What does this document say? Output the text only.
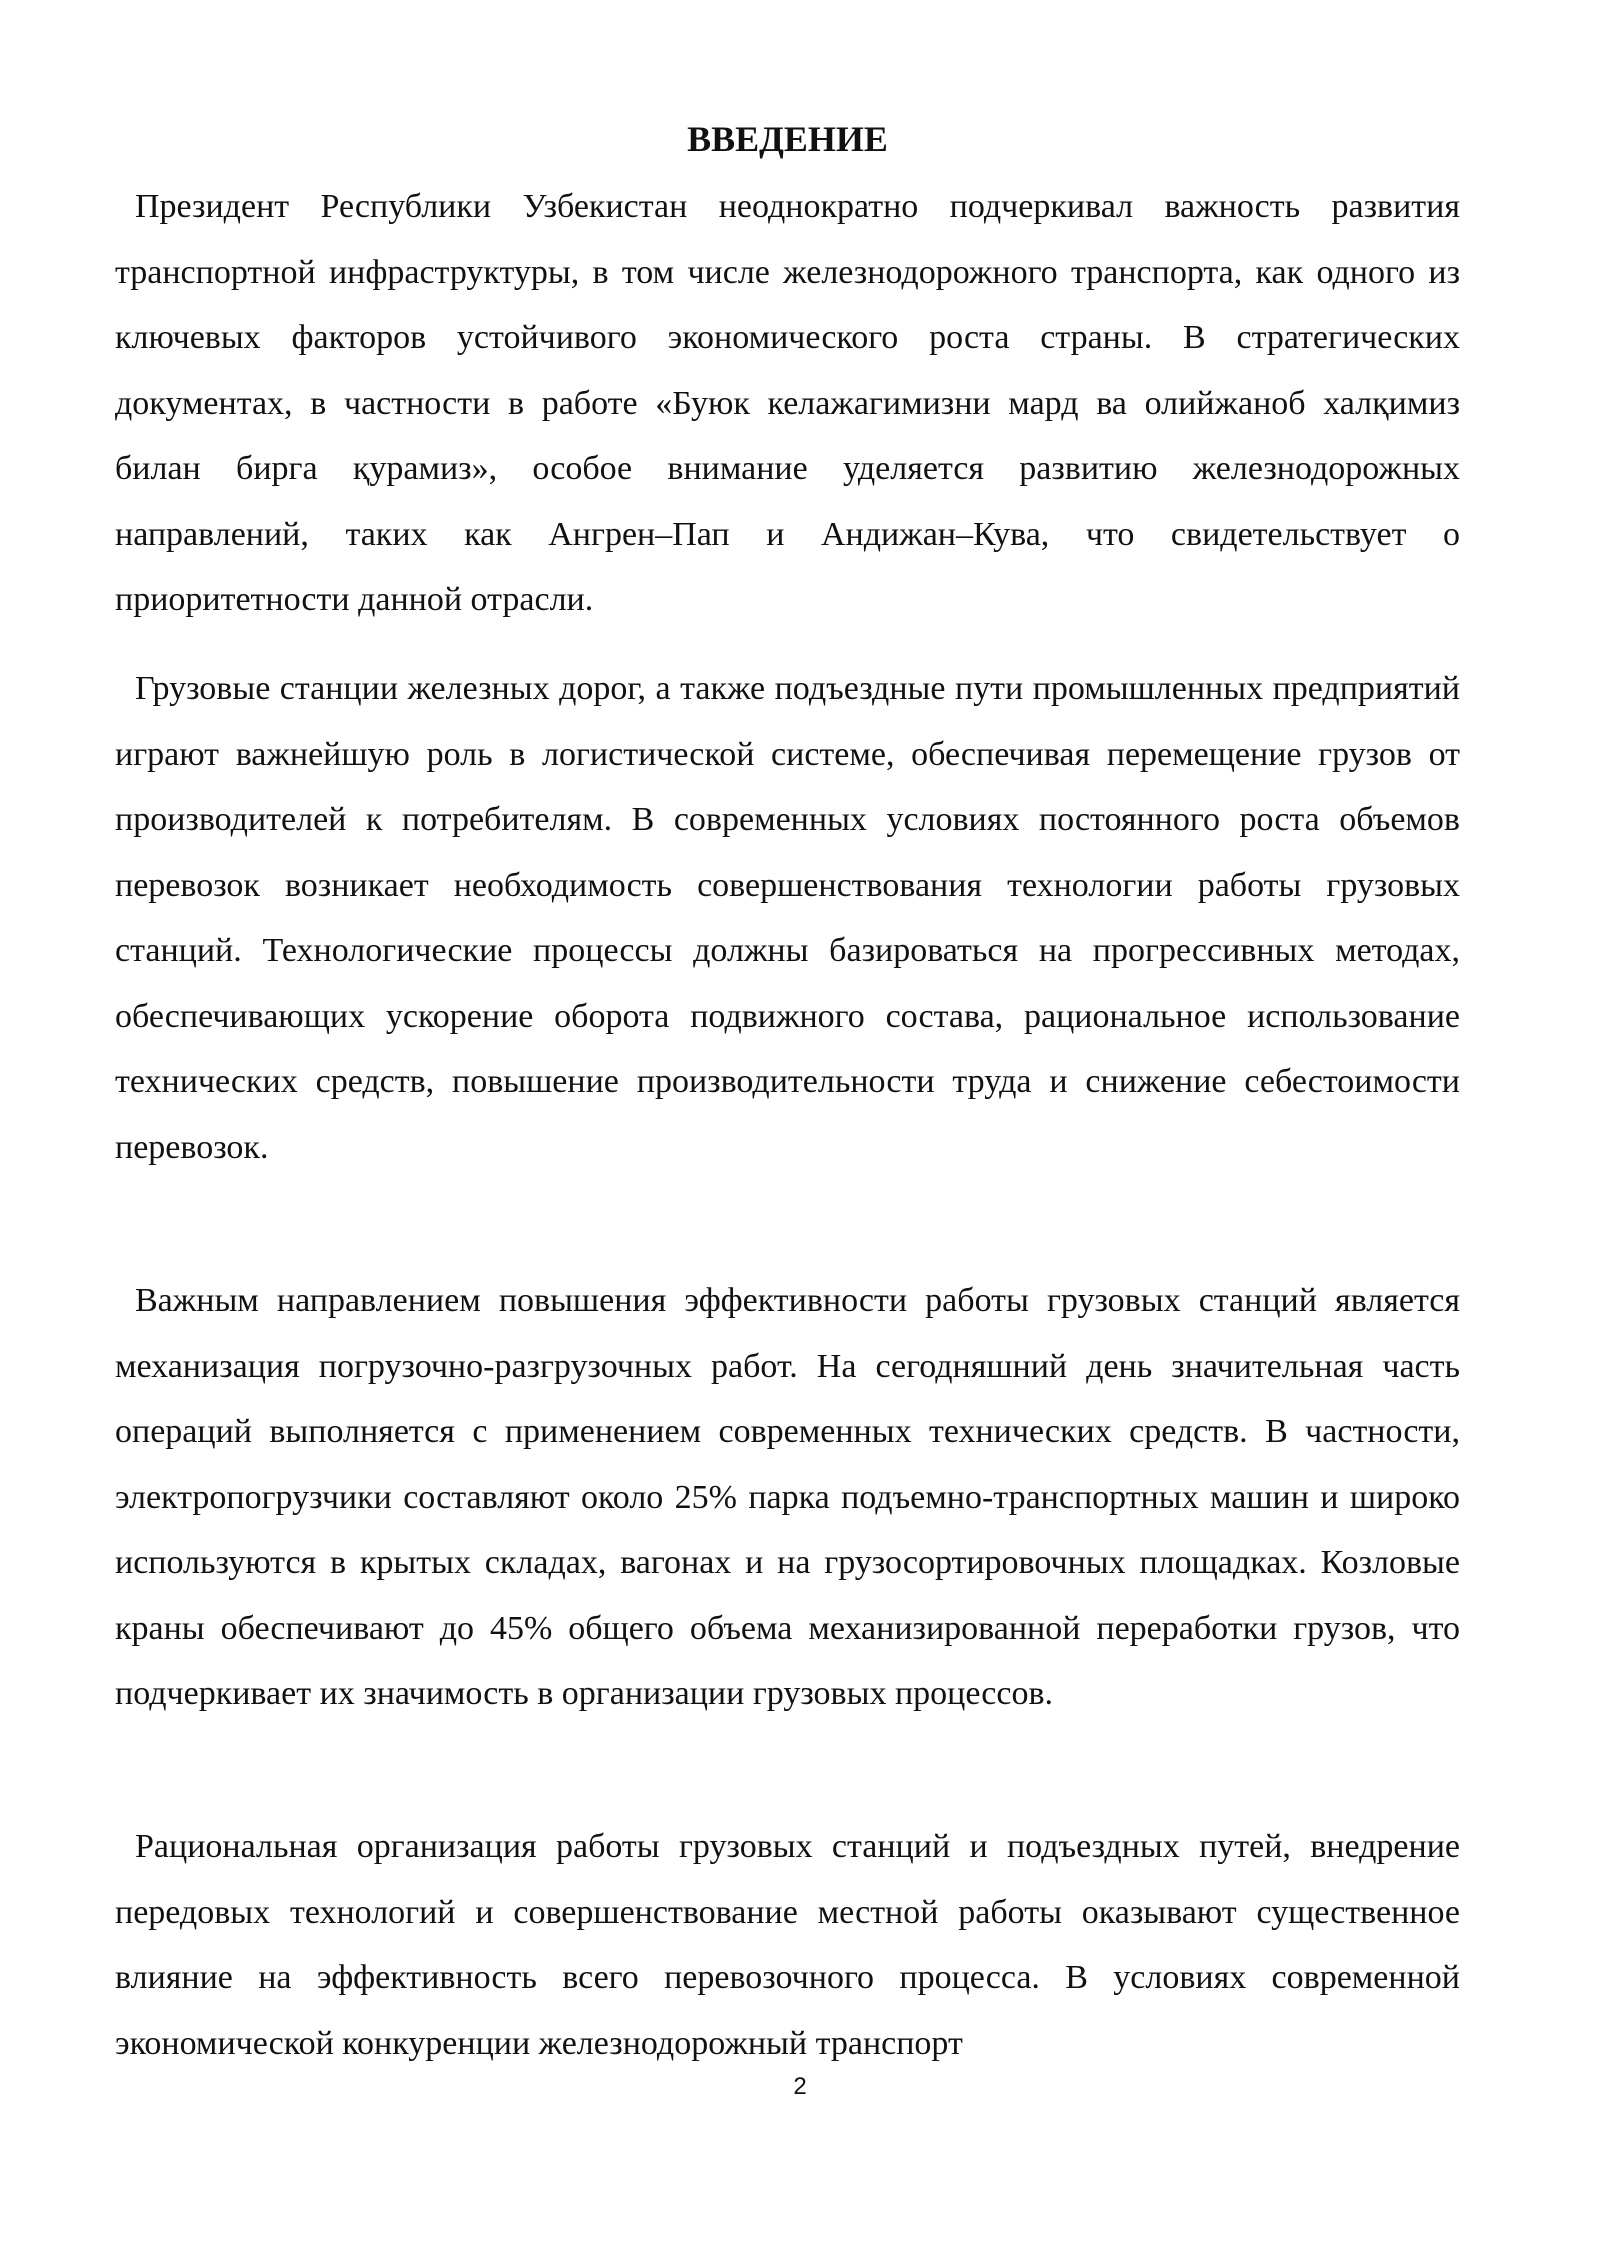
ВВЕДЕНИЕ

Президент Республики Узбекистан неоднократно подчеркивал важность развития транспортной инфраструктуры, в том числе железнодорожного транспорта, как одного из ключевых факторов устойчивого экономического роста страны. В стратегических документах, в частности в работе «Буюк келажагимизни мард ва олийжаноб халқимиз билан бирга қурамиз», особое внимание уделяется развитию железнодорожных направлений, таких как Ангрен–Пап и Андижан–Кува, что свидетельствует о приоритетности данной отрасли.

Грузовые станции железных дорог, а также подъездные пути промышленных предприятий играют важнейшую роль в логистической системе, обеспечивая перемещение грузов от производителей к потребителям. В современных условиях постоянного роста объемов перевозок возникает необходимость совершенствования технологии работы грузовых станций. Технологические процессы должны базироваться на прогрессивных методах, обеспечивающих ускорение оборота подвижного состава, рациональное использование технических средств, повышение производительности труда и снижение себестоимости перевозок.

Важным направлением повышения эффективности работы грузовых станций является механизация погрузочно-разгрузочных работ. На сегодняшний день значительная часть операций выполняется с применением современных технических средств. В частности, электропогрузчики составляют около 25% парка подъемно-транспортных машин и широко используются в крытых складах, вагонах и на грузосортировочных площадках. Козловые краны обеспечивают до 45% общего объема механизированной переработки грузов, что подчеркивает их значимость в организации грузовых процессов.

Рациональная организация работы грузовых станций и подъездных путей, внедрение передовых технологий и совершенствование местной работы оказывают существенное влияние на эффективность всего перевозочного процесса. В условиях современной экономической конкуренции железнодорожный транспорт

2
